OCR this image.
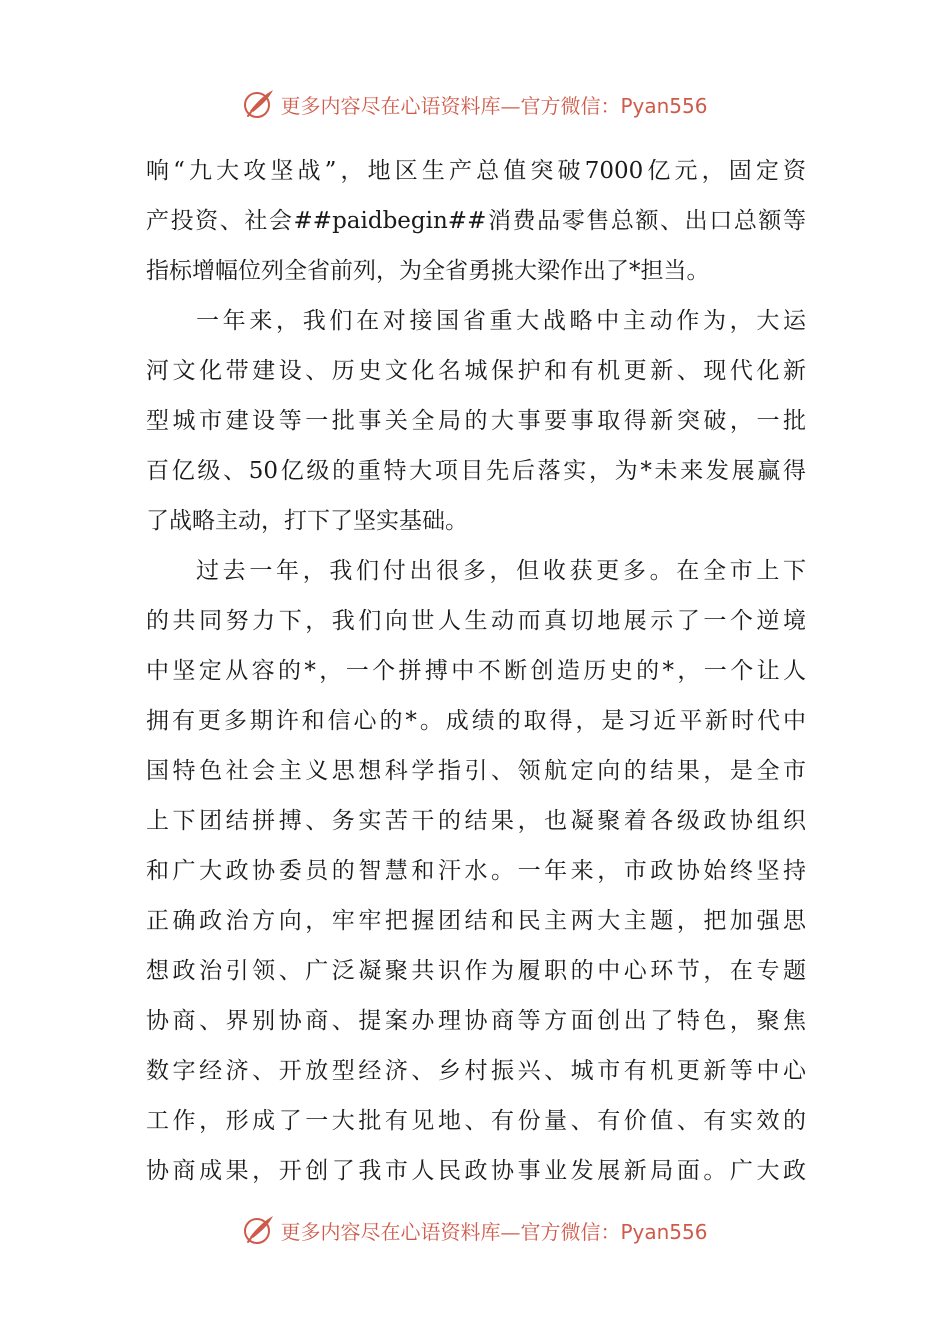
更多内容尽在心语资料库— 官方微信：Pyan556
响“九大攻坚战”，地区生产总值突破7000亿元，固定资
产投资、社会##paidbegin##消费品零售总额、出口总额等
指标增幅位列全省前列，为全省勇挑大梁作出了*担当。
一年来，我们在对接国省重大战略中主动作为，大运
河文化带建设、历史文化名城保护和有机更新、现代化新
型城市建设等一批事关全局的大事要事取得新突破，一批
百亿级、50亿级的重特大项目先后落实，为*未来发展赢得
了战略主动，打下了坚实基础。
过去一年，我们付出很多，但收获更多。在全市上下
的共同努力下，我们向世人生动而真切地展示了一个逆境
中坚定从容的*，一个拼搏中不断创造历史的*，一个让人
拥有更多期许和信心的*。成绩的取得，是习近平新时代中
国特色社会主义思想科学指引、领航定向的结果，是全市
上下团结拼搏、务实苦干的结果，也凝聚着各级政协组织
和广大政协委员的智慧和汗水。一年来，市政协始终坚持
正确政治方向，牢牢把握团结和民主两大主题，把加强思
想政治引领、广泛凝聚共识作为履职的中心环节，在专题
协商、界别协商、提案办理协商等方面创出了特色，聚焦
数字经济、开放型经济、乡村振兴、城市有机更新等中心
工作，形成了一大批有见地、有份量、有价值、有实效的
协商成果，开创了我市人民政协事业发展新局面。广大政
更多内容尽在心语资料库— 官方微信：Pyan556
